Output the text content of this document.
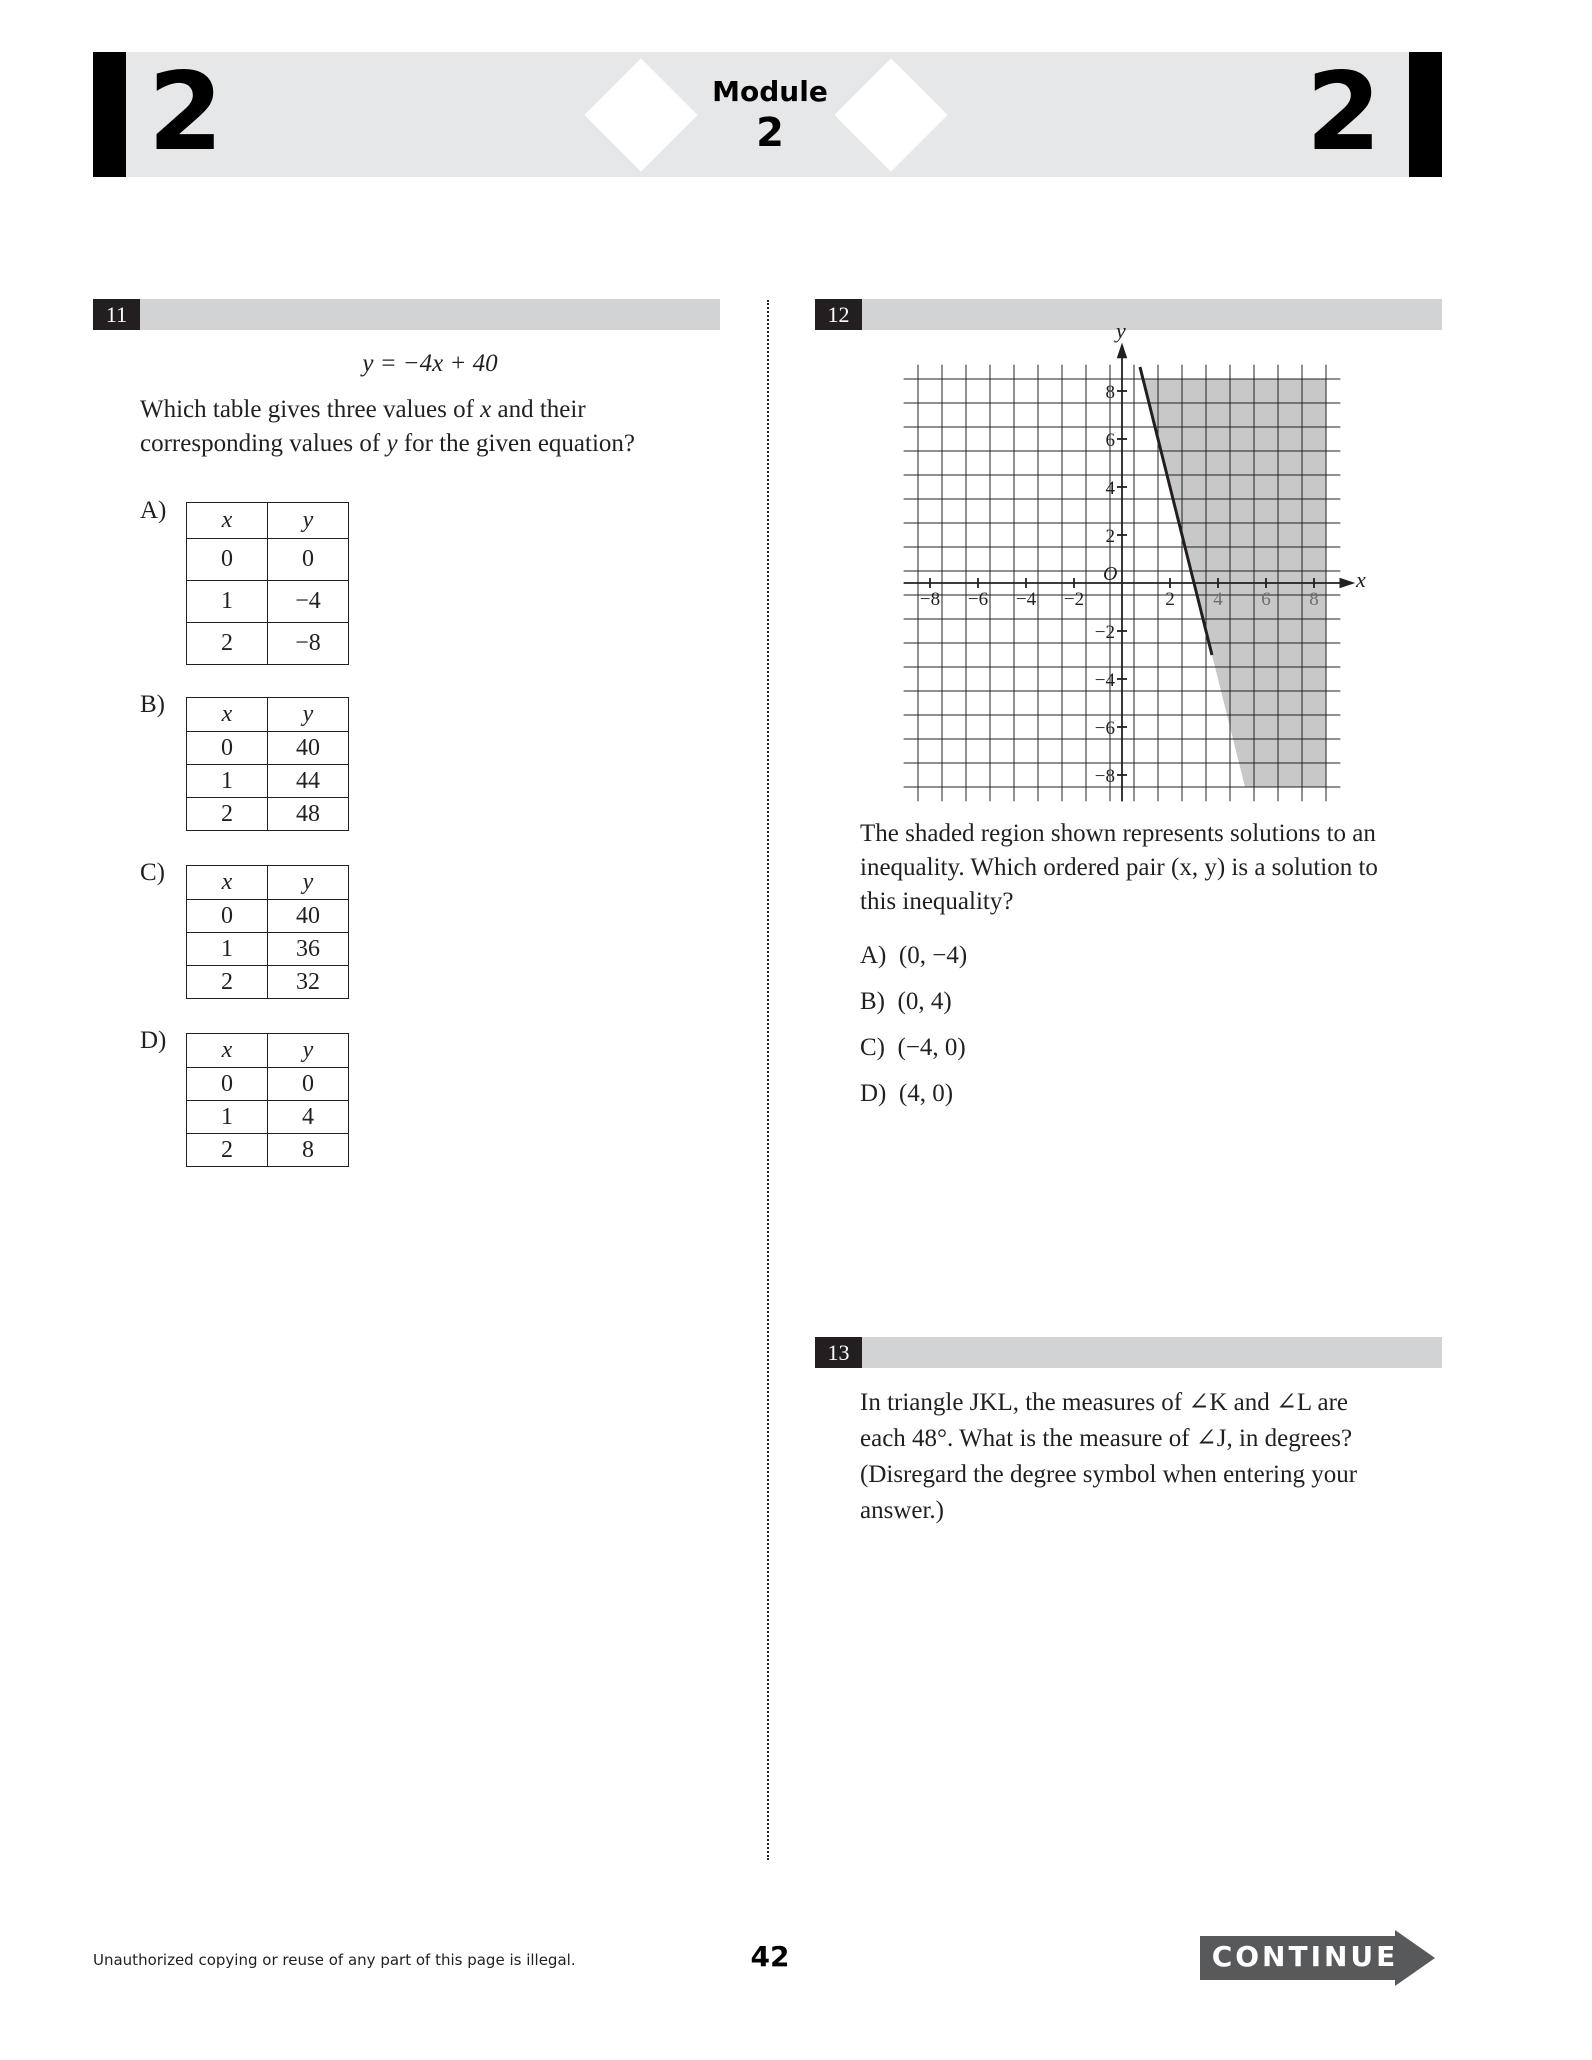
2	2
Module
2
11
y = −4x + 40
Which table gives three values of x and their
corresponding values of y for the given equation?
A) x	y
0	0
1	−4
2	−8
B) x	y
0	40
1	44
2	48
C) x	y
0	40
1	36
2	32
D) x	y
0	0
1	4
2	8
12
−8 −6 −4 −2	2 4 6 8
8
6
4
2
−2
−4
−6
−8
x
y
O
The shaded region shown represents solutions to an
inequality. Which ordered pair (x, y) is a solution to
this inequality?
A) (0, −4)
B) (0, 4)
C) (−4, 0)
D) (4, 0)
13
In triangle JKL, the measures of ∠K and ∠L are
each 48°. What is the measure of ∠J, in degrees?
(Disregard the degree symbol when entering your
answer.)
Unauthorized copying or reuse of any part of this page is illegal.	42	CONTINUE
